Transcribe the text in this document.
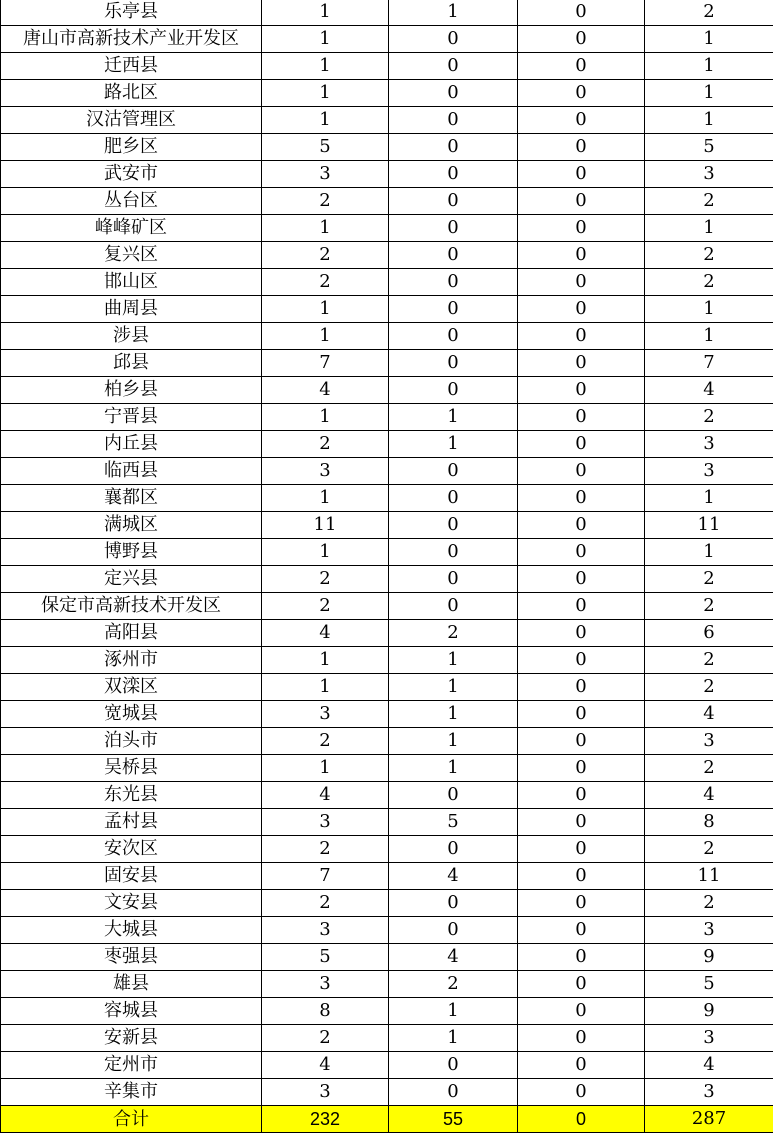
乐亭县	1	1	0	2
唐山市高新技术产业开发区	1	0	0	1
迁西县	1	0	0	1
路北区	1	0	0	1
汉沽管理区	1	0	0	1
肥乡区	5	0	0	5
武安市	3	0	0	3
丛台区	2	0	0	2
峰峰矿区	1	0	0	1
复兴区	2	0	0	2
邯山区	2	0	0	2
曲周县	1	0	0	1
涉县	1	0	0	1
邱县	7	0	0	7
柏乡县	4	0	0	4
宁晋县	1	1	0	2
内丘县	2	1	0	3
临西县	3	0	0	3
襄都区	1	0	0	1
满城区	11	0	0	11
博野县	1	0	0	1
定兴县	2	0	0	2
保定市高新技术开发区	2	0	0	2
高阳县	4	2	0	6
涿州市	1	1	0	2
双滦区	1	1	0	2
宽城县	3	1	0	4
泊头市	2	1	0	3
吴桥县	1	1	0	2
东光县	4	0	0	4
孟村县	3	5	0	8
安次区	2	0	0	2
固安县	7	4	0	11
文安县	2	0	0	2
大城县	3	0	0	3
枣强县	5	4	0	9
雄县	3	2	0	5
容城县	8	1	0	9
安新县	2	1	0	3
定州市	4	0	0	4
辛集市	3	0	0	3
合计	232	55	0	287
